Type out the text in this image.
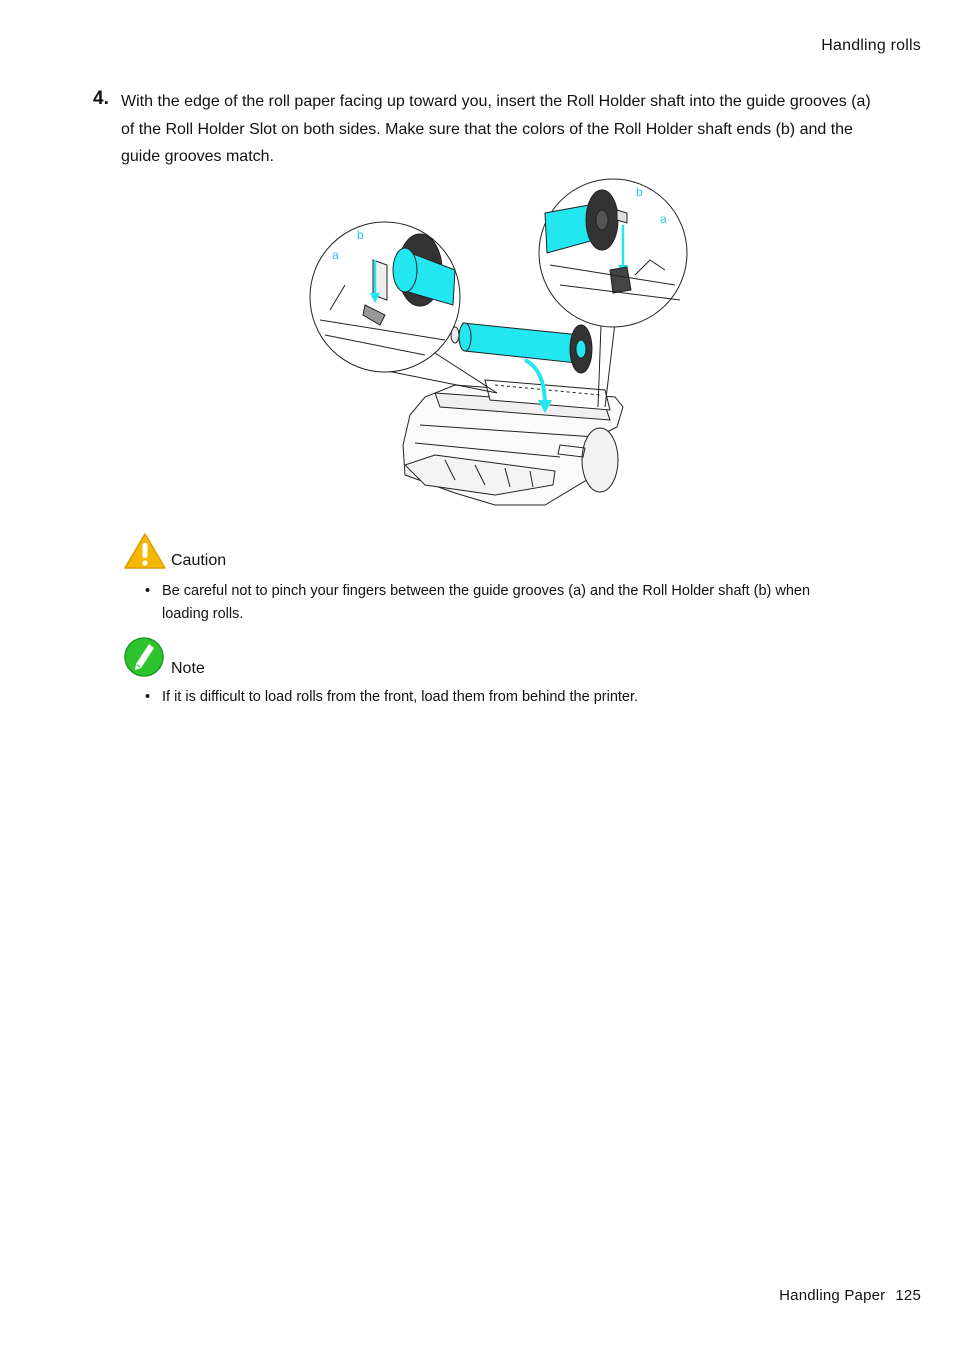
Handling rolls
4. With the edge of the roll paper facing up toward you, insert the Roll Holder shaft into the guide grooves (a) of the Roll Holder Slot on both sides. Make sure that the colors of the Roll Holder shaft ends (b) and the guide grooves match.
b
a
b
a
Caution
• Be careful not to pinch your fingers between the guide grooves (a) and the Roll Holder shaft (b) when loading rolls.
Note
• If it is difficult to load rolls from the front, load them from behind the printer.
Handling Paper 125
